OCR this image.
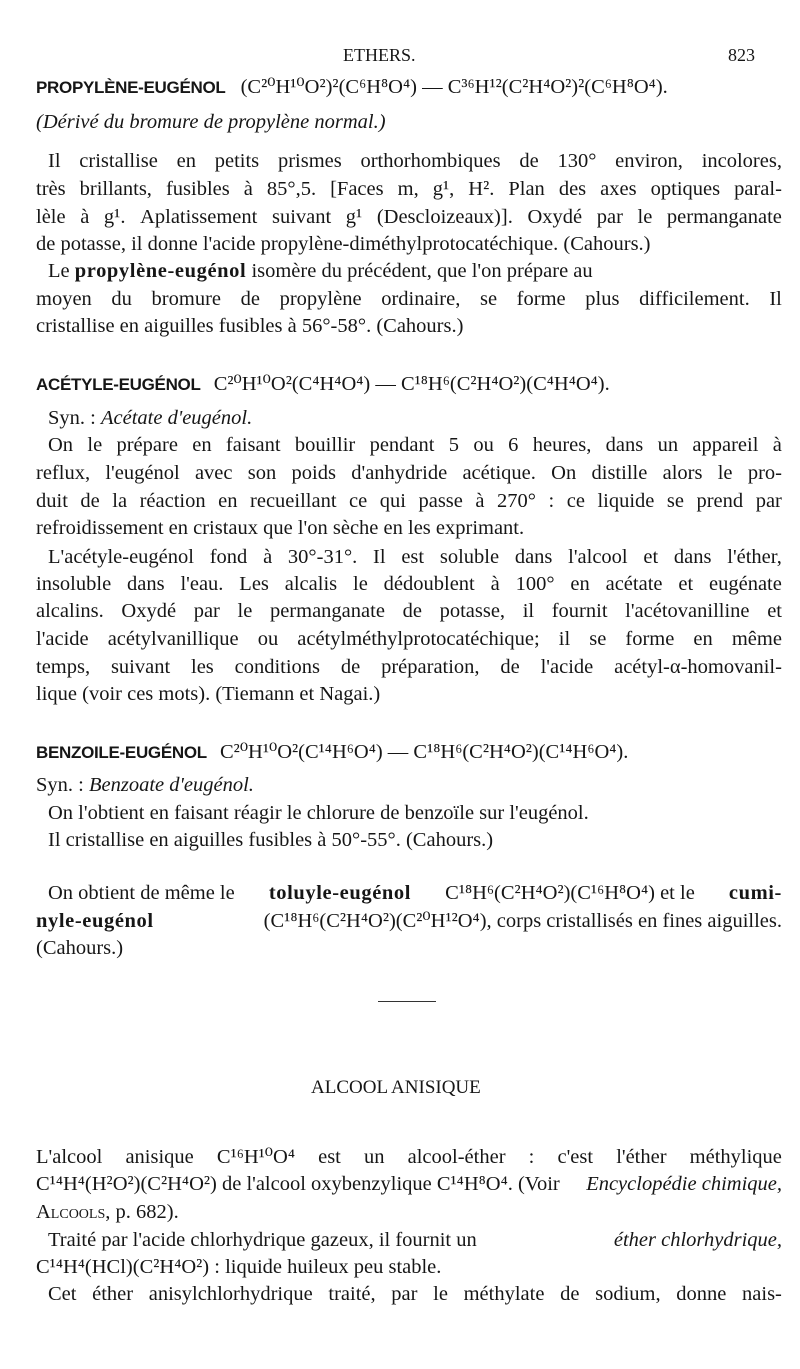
ETHERS.	823
PROPYLÈNE-EUGÉNOL (C²⁰H¹⁰O²)²(C⁶H⁸O⁴) — C³⁶H¹²(C²H⁴O²)²(C⁶H⁸O⁴).
(Dérivé du bromure de propylène normal.)
Il cristallise en petits prismes orthorhombiques de 130° environ, incolores,
très brillants, fusibles à 85°,5. [Faces m, g¹, H². Plan des axes optiques paral-
lèle à g¹. Aplatissement suivant g¹ (Descloizeaux)]. Oxydé par le permanganate
de potasse, il donne l'acide propylène-diméthylprotocatéchique. (Cahours.)
Le propylène-eugénol isomère du précédent, que l'on prépare au
moyen du bromure de propylène ordinaire, se forme plus difficilement. Il
cristallise en aiguilles fusibles à 56°-58°. (Cahours.)
ACÉTYLE-EUGÉNOL C²⁰H¹⁰O²(C⁴H⁴O⁴) — C¹⁸H⁶(C²H⁴O²)(C⁴H⁴O⁴).
Syn. : Acétate d'eugénol.
On le prépare en faisant bouillir pendant 5 ou 6 heures, dans un appareil à
reflux, l'eugénol avec son poids d'anhydride acétique. On distille alors le pro-
duit de la réaction en recueillant ce qui passe à 270° : ce liquide se prend par
refroidissement en cristaux que l'on sèche en les exprimant.
L'acétyle-eugénol fond à 30°-31°. Il est soluble dans l'alcool et dans l'éther,
insoluble dans l'eau. Les alcalis le dédoublent à 100° en acétate et eugénate
alcalins. Oxydé par le permanganate de potasse, il fournit l'acétovanilline et
l'acide acétylvanillique ou acétylméthylprotocatéchique; il se forme en même
temps, suivant les conditions de préparation, de l'acide acétyl-α-homovanil-
lique (voir ces mots). (Tiemann et Nagai.)
BENZOILE-EUGÉNOL C²⁰H¹⁰O²(C¹⁴H⁶O⁴) — C¹⁸H⁶(C²H⁴O²)(C¹⁴H⁶O⁴).
Syn. : Benzoate d'eugénol.
On l'obtient en faisant réagir le chlorure de benzoïle sur l'eugénol.
Il cristallise en aiguilles fusibles à 50°-55°. (Cahours.)
On obtient de même le toluyle-eugénol C¹⁸H⁶(C²H⁴O²)(C¹⁶H⁸O⁴) et le cumi-
nyle-eugénol	(C¹⁸H⁶(C²H⁴O²)(C²⁰H¹²O⁴), corps cristallisés en fines aiguilles.
(Cahours.)
ALCOOL ANISIQUE
L'alcool anisique C¹⁶H¹⁰O⁴ est un alcool-éther : c'est l'éther méthylique
C¹⁴H⁴(H²O²)(C²H⁴O²) de l'alcool oxybenzylique C¹⁴H⁸O⁴. (Voir Encyclopédie chimique,
Alcools, p. 682).
Traité par l'acide chlorhydrique gazeux, il fournit un	éther chlorhydrique,
C¹⁴H⁴(HCl)(C²H⁴O²) : liquide huileux peu stable.
Cet éther anisylchlorhydrique traité, par le méthylate de sodium, donne nais-
